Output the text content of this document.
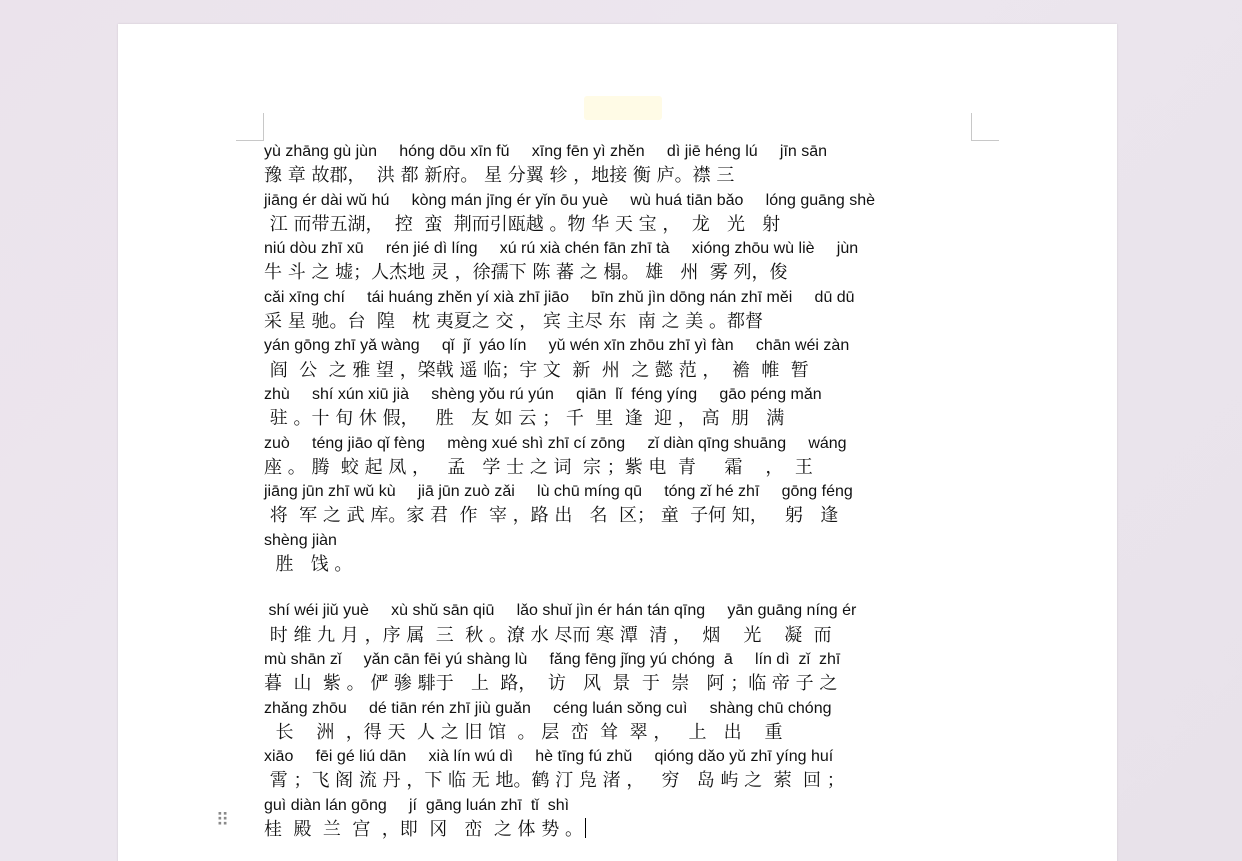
yù zhāng gù jùn     hóng dōu xīn fǔ     xīng fēn yì zhěn     dì jiē héng lú     jīn sān
豫 章 故郡，  洪 都 新府。 星 分翼 轸 ，地接 衡 庐。襟 三
jiāng ér dài wǔ hú     kòng mán jīng ér yǐn ōu yuè     wù huá tiān bǎo     lóng guāng shè
江 而带五湖，  控  蛮  荆而引瓯越 。物 华 天 宝 ，  龙   光   射
niú dòu zhī xū     rén jié dì líng     xú rú xià chén fān zhī tà     xióng zhōu wù liè     jùn
牛 斗 之 墟；人杰地 灵 ，徐孺下 陈 蕃 之 榻。 雄   州  雾 列，俊
cǎi xīng chí     tái huáng zhěn yí xià zhī jiāo     bīn zhǔ jìn dōng nán zhī měi     dū dū
采 星 驰。台  隍   枕 夷夏之 交 ， 宾 主尽 东  南 之 美 。都督
yán gōng zhī yǎ wàng     qǐ  jǐ  yáo lín     yǔ wén xīn zhōu zhī yì fàn     chān wéi zàn
阎  公  之 雅 望 ，棨戟 遥 临；宇 文  新  州  之 懿 范 ，  襜  帷  暂
zhù     shí xún xiū jià     shèng yǒu rú yún     qiān  lǐ  féng yíng     gāo péng mǎn
驻 。十 旬 休 假，   胜   友 如 云 ； 千  里  逢  迎 ， 高  朋   满
zuò     téng jiāo qǐ fèng     mèng xué shì zhī cí zōng     zǐ diàn qīng shuāng     wáng
座 。 腾  蛟 起 凤 ，   孟   学 士 之 词  宗 ；紫 电  青     霜    ，  王
jiāng jūn zhī wǔ kù     jiā jūn zuò zǎi     lù chū míng qū     tóng zǐ hé zhī     gōng féng
将  军 之 武 库。家 君  作  宰 ，路 出   名  区； 童  子何 知，   躬   逢
shèng jiàn
胜   饯 。
shí wéi jiǔ yuè     xù shǔ sān qiū     lǎo shuǐ jìn ér hán tán qīng     yān guāng níng ér
时 维 九 月 ，序 属  三  秋 。潦 水 尽而 寒 潭  清 ，  烟    光    凝  而
mù shān zǐ     yǎn cān fēi yú shàng lù     fǎng fēng jǐng yú chóng  ā     lín dì  zǐ  zhī
暮  山  紫 。 俨 骖 騑于   上  路，  访   风  景  于  崇   阿 ；临 帝 子 之
zhǎng zhōu     dé tiān rén zhī jiù guǎn     céng luán sǒng cuì     shàng chū chóng
长    洲  ，得 天  人 之 旧 馆  。 层  峦  耸  翠 ，   上   出    重
xiāo     fēi gé liú dān     xià lín wú dì     hè tīng fú zhǔ     qióng dǎo yǔ zhī yíng huí
霄 ；飞 阁 流 丹 ，下 临 无 地。鹤 汀 凫 渚 ，   穷   岛 屿 之  萦  回 ；
guì diàn lán gōng     jí  gāng luán zhī  tǐ  shì
桂  殿  兰  宫  ，即  冈   峦  之 体 势 。
⠿
